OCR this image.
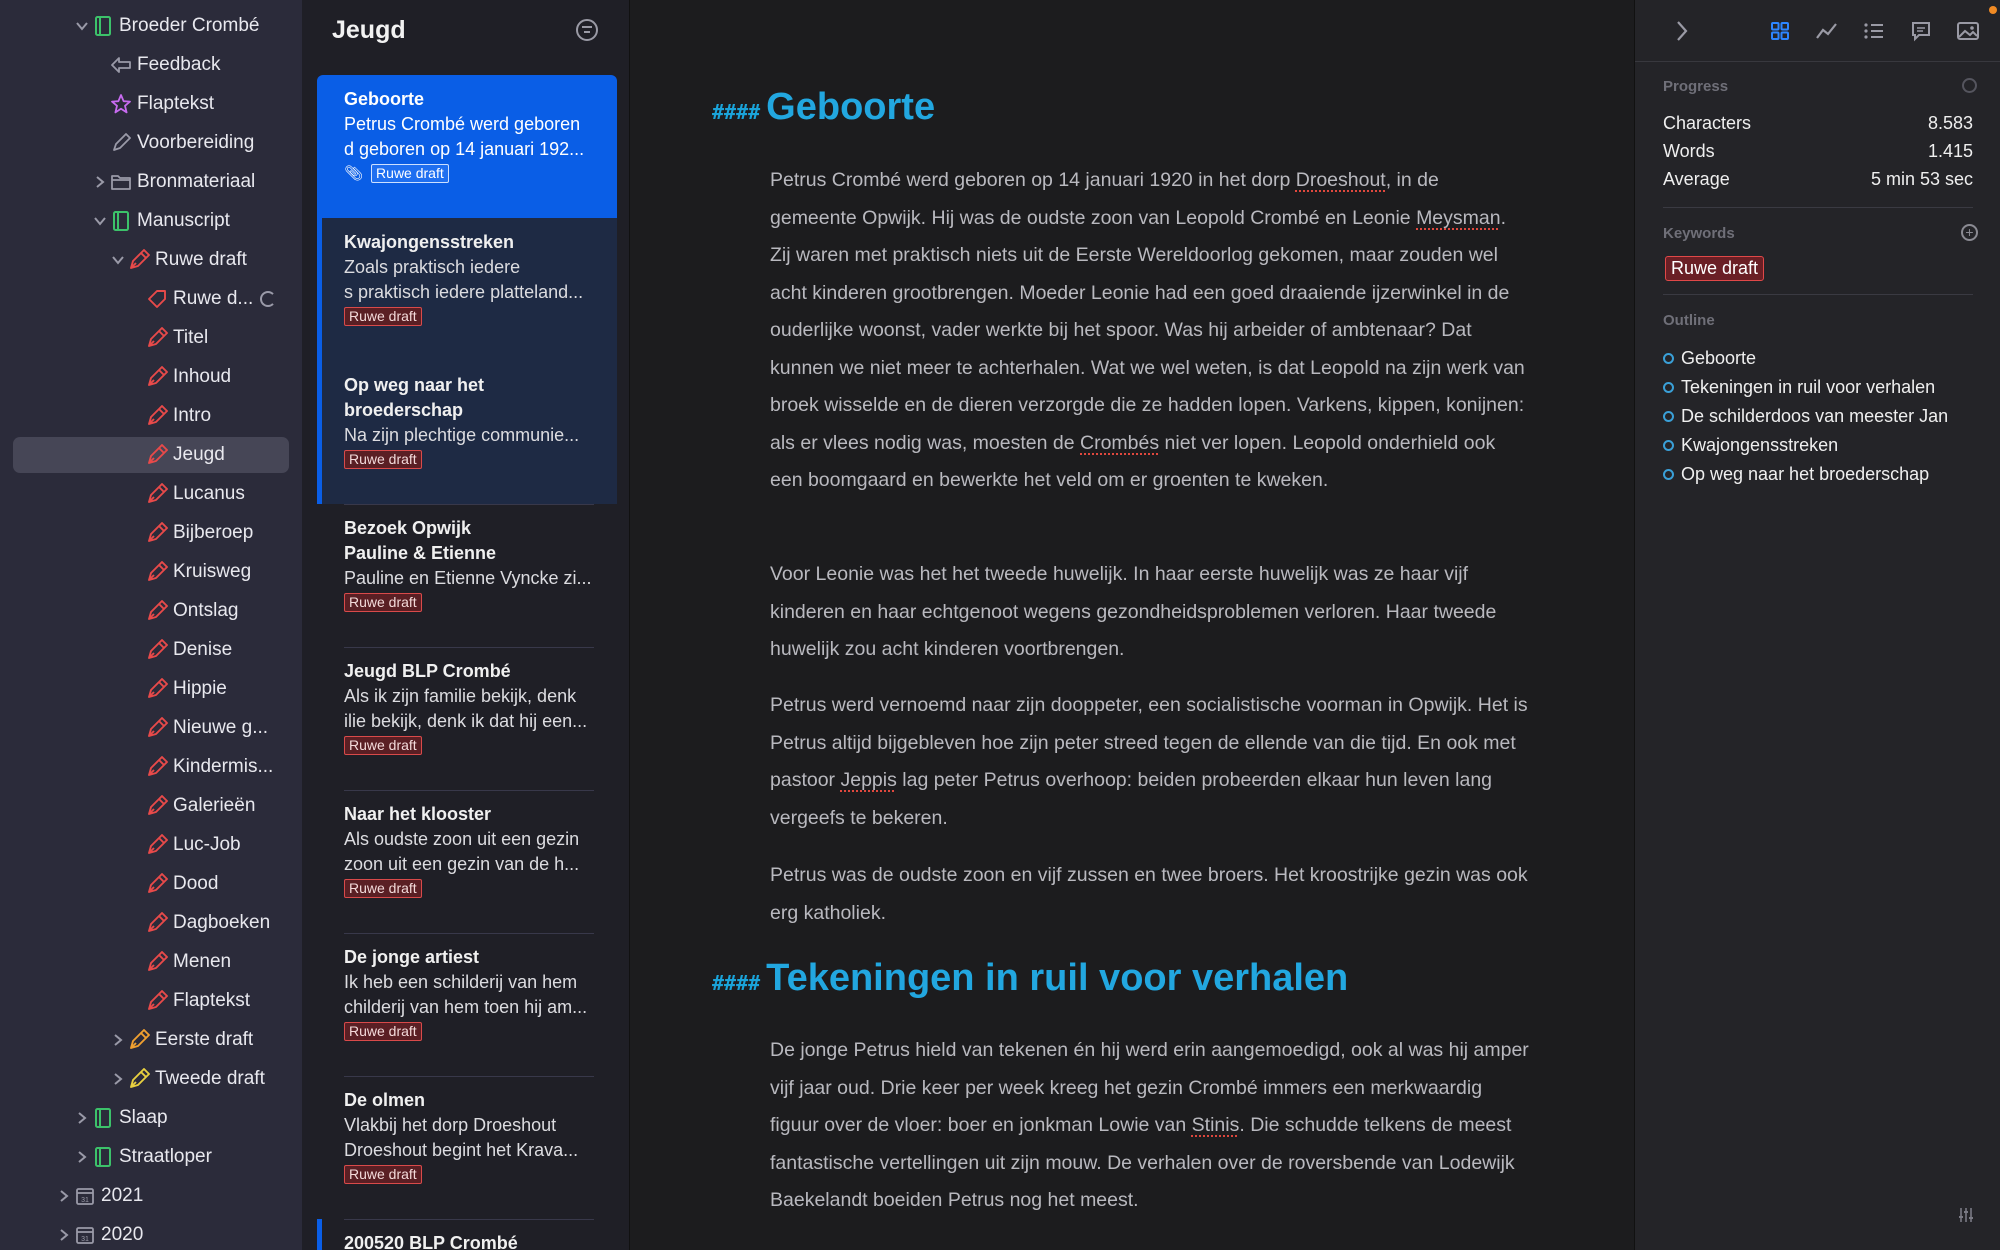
Broeder Crombé
Feedback
Flaptekst
Voorbereiding
Bronmateriaal
Manuscript
Ruwe draft
Ruwe d...
Titel
Inhoud
Intro
Jeugd
Lucanus
Bijberoep
Kruisweg
Ontslag
Denise
Hippie
Nieuwe g...
Kindermis...
Galerieën
Luc-Job
Dood
Dagboeken
Menen
Flaptekst
Eerste draft
Tweede draft
Slaap
Straatloper
31 2021
31 2020
Jeugd
Geboorte
Petrus Crombé werd geboren
d geboren op 14 januari 192...
📎︎ Ruwe draft
Kwajongensstreken
Zoals praktisch iedere
s praktisch iedere platteland...
Ruwe draft
Op weg naar het
broederschap
Na zijn plechtige communie...
Ruwe draft
Bezoek Opwijk
Pauline & Etienne
Pauline en Etienne Vyncke zi...
Ruwe draft
Jeugd BLP Crombé
Als ik zijn familie bekijk, denk
ilie bekijk, denk ik dat hij een...
Ruwe draft
Naar het klooster
Als oudste zoon uit een gezin
zoon uit een gezin van de h...
Ruwe draft
De jonge artiest
Ik heb een schilderij van hem
childerij van hem toen hij am...
Ruwe draft
De olmen
Vlakbij het dorp Droeshout
Droeshout begint het Krava...
Ruwe draft
200520 BLP Crombé
#### Geboorte
Petrus Crombé werd geboren op 14 januari 1920 in het dorp Droeshout, in de gemeente Opwijk. Hij was de oudste zoon van Leopold Crombé en Leonie Meysman. Zij waren met praktisch niets uit de Eerste Wereldoorlog gekomen, maar zouden wel acht kinderen grootbrengen. Moeder Leonie had een goed draaiende ijzerwinkel in de ouderlijke woonst, vader werkte bij het spoor. Was hij arbeider of ambtenaar? Dat kunnen we niet meer te achterhalen. Wat we wel weten, is dat Leopold na zijn werk van broek wisselde en de dieren verzorgde die ze hadden lopen. Varkens, kippen, konijnen: als er vlees nodig was, moesten de Crombés niet ver lopen. Leopold onderhield ook een boomgaard en bewerkte het veld om er groenten te kweken.
Voor Leonie was het het tweede huwelijk. In haar eerste huwelijk was ze haar vijf kinderen en haar echtgenoot wegens gezondheidsproblemen verloren. Haar tweede huwelijk zou acht kinderen voortbrengen.
Petrus werd vernoemd naar zijn dooppeter, een socialistische voorman in Opwijk. Het is Petrus altijd bijgebleven hoe zijn peter streed tegen de ellende van die tijd. En ook met pastoor Jeppis lag peter Petrus overhoop: beiden probeerden elkaar hun leven lang vergeefs te bekeren.
Petrus was de oudste zoon en vijf zussen en twee broers. Het kroostrijke gezin was ook erg katholiek.
#### Tekeningen in ruil voor verhalen
De jonge Petrus hield van tekenen én hij werd erin aangemoedigd, ook al was hij amper vijf jaar oud. Drie keer per week kreeg het gezin Crombé immers een merkwaardig figuur over de vloer: boer en jonkman Lowie van Stinis. Die schudde telkens de meest fantastische vertellingen uit zijn mouw. De verhalen over de roversbende van Lodewijk Baekelandt boeiden Petrus nog het meest.
Progress
Characters	8.583
Words	1.415
Average	5 min 53 sec
Keywords	+
Ruwe draft
Outline
Geboorte
Tekeningen in ruil voor verhalen
De schilderdoos van meester Jan
Kwajongensstreken
Op weg naar het broederschap
